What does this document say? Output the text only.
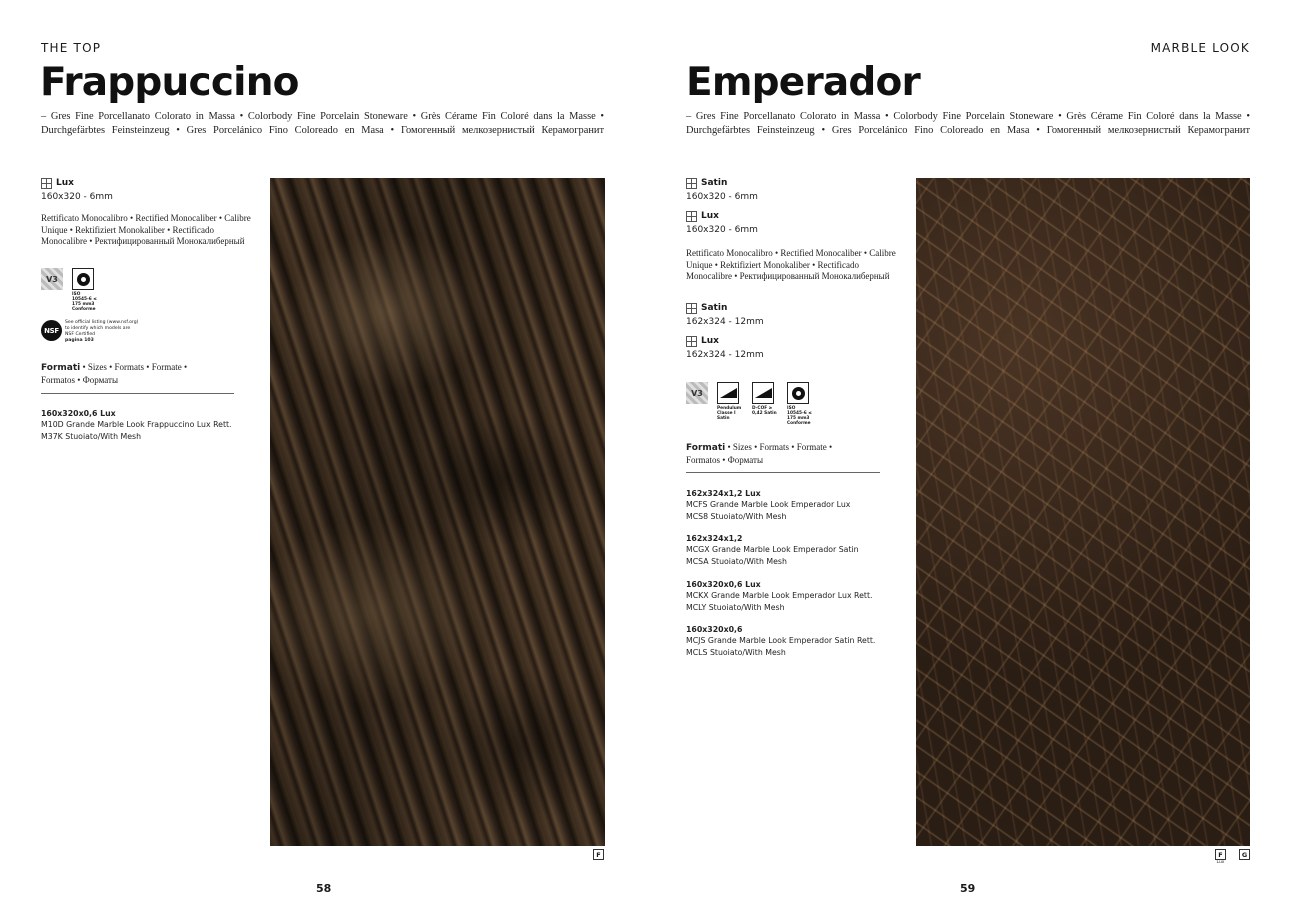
THE TOP
Frappuccino
– Gres Fine Porcellanato Colorato in Massa • Colorbody Fine Porcelain Stoneware • Grès Cérame Fin Coloré dans la Masse •
Durchgefärbtes Feinsteinzeug • Gres Porcelánico Fino Coloreado en Masa • Гомогенный мелкозернистый Керамогранит
Lux
160x320 - 6mm
Rettificato Monocalibro • Rectified Monocaliber • Calibre Unique • Rektifiziert Monokaliber • Rectificado Monocalibre • Ректифицированный Монокалиберный
V3
ISO 10545-6 ≤ 175 mm3 Conforme
NSF
See official listing (www.nsf.org)
to identify which models are
NSF Certified
pagina 103
Formati • Sizes • Formats • Formate • Formatos • Форматы
160x320x0,6 Lux
M10D Grande Marble Look Frappuccino Lux Rett.
M37K Stuoiato/With Mesh
F
58
MARBLE LOOK
Emperador
– Gres Fine Porcellanato Colorato in Massa • Colorbody Fine Porcelain Stoneware • Grès Cérame Fin Coloré dans la Masse •
Durchgefärbtes Feinsteinzeug • Gres Porcelánico Fino Coloreado en Masa • Гомогенный мелкозернистый Керамогранит
Satin
160x320 - 6mm
Lux
160x320 - 6mm
Rettificato Monocalibro • Rectified Monocaliber • Calibre Unique • Rektifiziert Monokaliber • Rectificado Monocalibre • Ректифицированный Монокалиберный
Satin
162x324 - 12mm
Lux
162x324 - 12mm
V3
Pendulum Classe I Satin
D-COF ≥ 0,42 Satin
ISO 10545-6 ≤ 175 mm3 Conforme
Formati • Sizes • Formats • Formate • Formatos • Форматы
162x324x1,2 Lux
MCFS Grande Marble Look Emperador Lux
MCS8 Stuoiato/With Mesh
162x324x1,2
MCGX Grande Marble Look Emperador Satin
MCSA Stuoiato/With Mesh
160x320x0,6 Lux
MCKX Grande Marble Look Emperador Lux Rett.
MCLY Stuoiato/With Mesh
160x320x0,6
MCJS Grande Marble Look Emperador Satin Rett.
MCLS Stuoiato/With Mesh
F
Lux
G
59
